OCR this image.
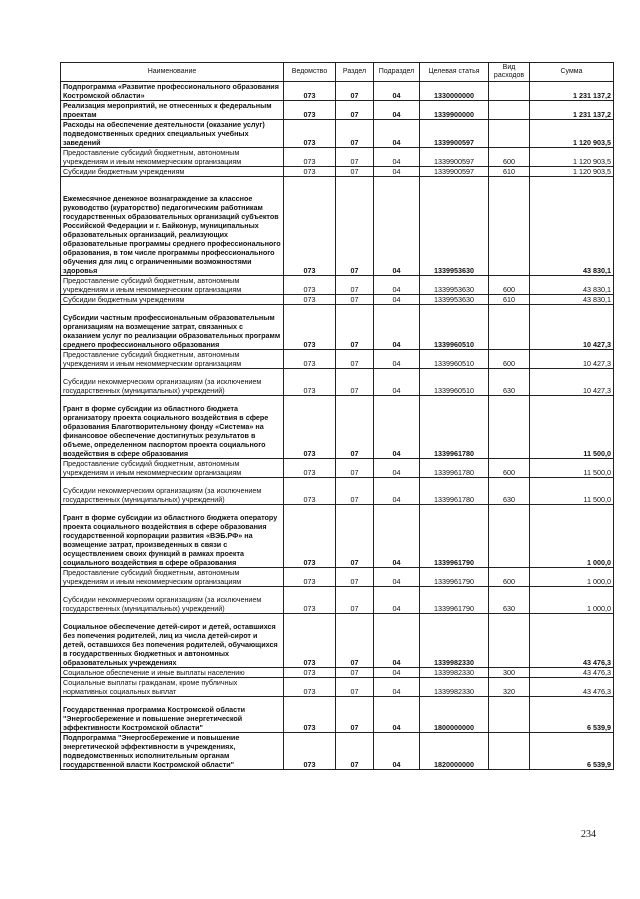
Наименование	Ведомство	Раздел	Подраздел	Целевая статья	Вид расходов	Сумма
Подпрограмма «Развитие профессионального образования Костромской области»	073	07	04	1330000000		1 231 137,2
Реализация мероприятий, не отнесенных к федеральным проектам	073	07	04	1339900000		1 231 137,2
Расходы на обеспечение деятельности (оказание услуг) подведомственных средних специальных учебных заведений	073	07	04	1339900597		1 120 903,5
Предоставление субсидий бюджетным, автономным учреждениям и иным некоммерческим организациям	073	07	04	1339900597	600	1 120 903,5
Субсидии бюджетным учреждениям	073	07	04	1339900597	610	1 120 903,5
Ежемесячное денежное вознаграждение за классное руководство (кураторство) педагогическим работникам государственных образовательных организаций субъектов Российской Федерации и г. Байконур, муниципальных образовательных организаций, реализующих образовательные программы среднего профессионального образования, в том числе программы профессионального обучения для лиц с ограниченными возможностями здоровья	073	07	04	1339953630		43 830,1
Предоставление субсидий бюджетным, автономным учреждениям и иным некоммерческим организациям	073	07	04	1339953630	600	43 830,1
Субсидии бюджетным учреждениям	073	07	04	1339953630	610	43 830,1
Субсидии частным профессиональным образовательным организациям на возмещение затрат, связанных с оказанием услуг по реализации образовательных программ среднего профессионального образования	073	07	04	1339960510		10 427,3
Предоставление субсидий бюджетным, автономным учреждениям и иным некоммерческим организациям	073	07	04	1339960510	600	10 427,3
Субсидии некоммерческим организациям (за исключением государственных (муниципальных) учреждений)	073	07	04	1339960510	630	10 427,3
Грант в форме субсидии из областного бюджета организатору проекта социального воздействия в сфере образования Благотворительному фонду «Система» на финансовое обеспечение достигнутых результатов в объеме, определенном паспортом проекта социального воздействия в сфере образования	073	07	04	1339961780		11 500,0
Предоставление субсидий бюджетным, автономным учреждениям и иным некоммерческим организациям	073	07	04	1339961780	600	11 500,0
Субсидии некоммерческим организациям (за исключением государственных (муниципальных) учреждений)	073	07	04	1339961780	630	11 500,0
Грант в форме субсидии из областного бюджета оператору проекта социального воздействия в сфере образования государственной корпорации развития «ВЭБ.РФ» на возмещение затрат, произведенных в связи с осуществлением своих функций в рамках проекта социального воздействия в сфере образования	073	07	04	1339961790		1 000,0
Предоставление субсидий бюджетным, автономным учреждениям и иным некоммерческим организациям	073	07	04	1339961790	600	1 000,0
Субсидии некоммерческим организациям (за исключением государственных (муниципальных) учреждений)	073	07	04	1339961790	630	1 000,0
Социальное обеспечение детей-сирот и детей, оставшихся без попечения родителей, лиц из числа детей-сирот и детей, оставшихся без попечения родителей, обучающихся в государственных бюджетных и автономных образовательных учреждениях	073	07	04	1339982330		43 476,3
Социальное обеспечение и иные выплаты населению	073	07	04	1339982330	300	43 476,3
Социальные выплаты гражданам, кроме публичных нормативных социальных выплат	073	07	04	1339982330	320	43 476,3
Государственная программа Костромской области "Энергосбережение и повышение энергетической эффективности Костромской области"	073	07	04	1800000000		6 539,9
Подпрограмма "Энергосбережение и повышение энергетической эффективности в учреждениях, подведомственных исполнительным органам государственной власти Костромской области"	073	07	04	1820000000		6 539,9
234
